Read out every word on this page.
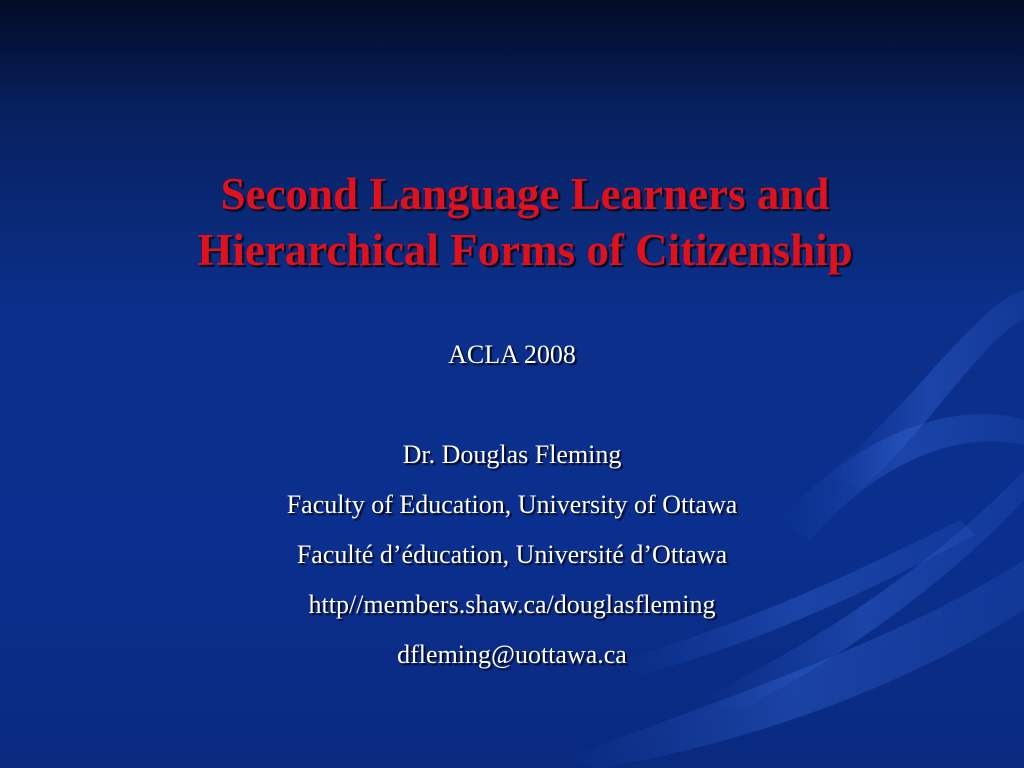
Second Language Learners and
Hierarchical Forms of Citizenship
ACLA 2008
Dr. Douglas Fleming
Faculty of Education, University of Ottawa
Faculté d’éducation, Université d’Ottawa
http//members.shaw.ca/douglasfleming
dfleming@uottawa.ca
